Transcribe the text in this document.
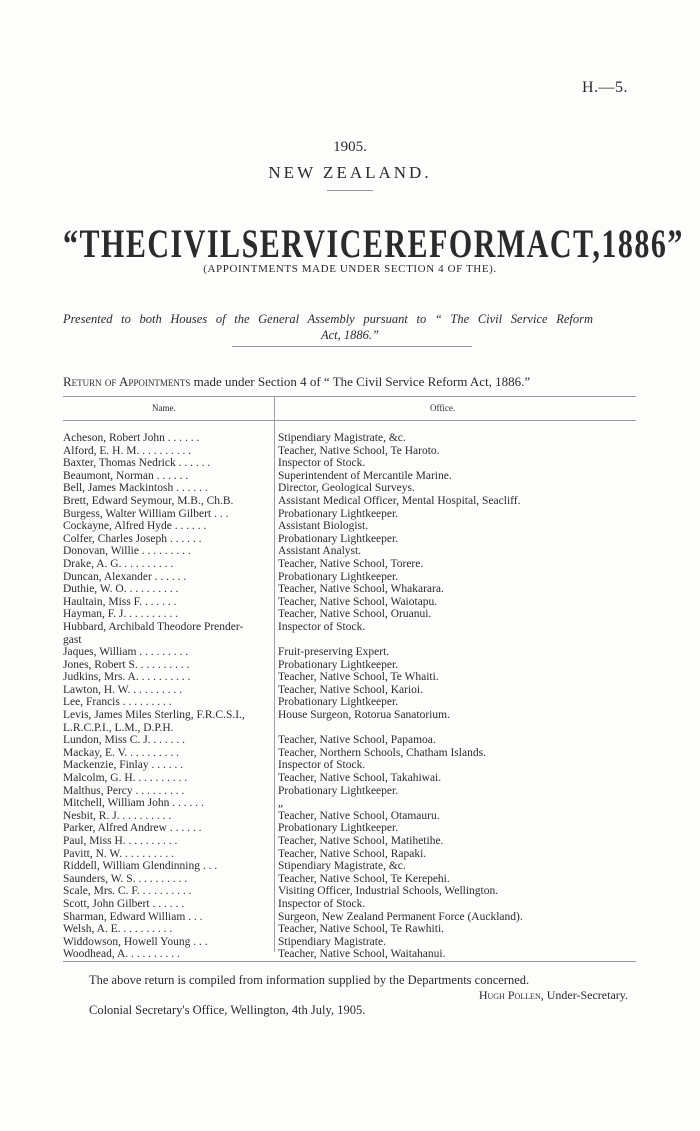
H.—5.
1905.
NEW ZEALAND.
“THE CIVIL SERVICE REFORM ACT, 1886”
(APPOINTMENTS MADE UNDER SECTION 4 OF THE).
Presented to both Houses of the General Assembly pursuant to “ The Civil Service Reform
Act, 1886.”
Return of Appointments made under Section 4 of “ The Civil Service Reform Act, 1886.”
Name.	Office.
Acheson, Robert John . . . . . .	Stipendiary Magistrate, &c.
Alford, E. H. M. . . . . . . . . .	Teacher, Native School, Te Haroto.
Baxter, Thomas Nedrick . . . . . .	Inspector of Stock.
Beaumont, Norman . . . . . .	Superintendent of Mercantile Marine.
Bell, James Mackintosh . . . . . .	Director, Geological Surveys.
Brett, Edward Seymour, M.B., Ch.B.	Assistant Medical Officer, Mental Hospital, Seacliff.
Burgess, Walter William Gilbert . . .	Probationary Lightkeeper.
Cockayne, Alfred Hyde . . . . . .	Assistant Biologist.
Colfer, Charles Joseph . . . . . .	Probationary Lightkeeper.
Donovan, Willie . . . . . . . . .	Assistant Analyst.
Drake, A. G. . . . . . . . . .	Teacher, Native School, Torere.
Duncan, Alexander . . . . . .	Probationary Lightkeeper.
Duthie, W. O. . . . . . . . . .	Teacher, Native School, Whakarara.
Haultain, Miss F. . . . . . .	Teacher, Native School, Waiotapu.
Hayman, F. J. . . . . . . . . .	Teacher, Native School, Oruanui.
Hubbard, Archibald Theodore Prender-	Inspector of Stock.
gast
Jaques, William . . . . . . . . .	Fruit-preserving Expert.
Jones, Robert S. . . . . . . . . .	Probationary Lightkeeper.
Judkins, Mrs. A. . . . . . . . . .	Teacher, Native School, Te Whaiti.
Lawton, H. W. . . . . . . . . .	Teacher, Native School, Karioi.
Lee, Francis . . . . . . . . .	Probationary Lightkeeper.
Levis, James Miles Sterling, F.R.C.S.I.,	House Surgeon, Rotorua Sanatorium.
L.R.C.P.I., L.M., D.P.H.
Lundon, Miss C. J. . . . . . .	Teacher, Native School, Papamoa.
Mackay, E. V. . . . . . . . . .	Teacher, Northern Schools, Chatham Islands.
Mackenzie, Finlay . . . . . .	Inspector of Stock.
Malcolm, G. H. . . . . . . . . .	Teacher, Native School, Takahiwai.
Malthus, Percy . . . . . . . . .	Probationary Lightkeeper.
Mitchell, William John . . . . . .	„
Nesbit, R. J. . . . . . . . . .	Teacher, Native School, Otamauru.
Parker, Alfred Andrew . . . . . .	Probationary Lightkeeper.
Paul, Miss H. . . . . . . . . .	Teacher, Native School, Matihetihe.
Pavitt, N. W. . . . . . . . . .	Teacher, Native School, Rapaki.
Riddell, William Glendinning . . .	Stipendiary Magistrate, &c.
Saunders, W. S. . . . . . . . . .	Teacher, Native School, Te Kerepehi.
Scale, Mrs. C. F. . . . . . . . . .	Visiting Officer, Industrial Schools, Wellington.
Scott, John Gilbert . . . . . .	Inspector of Stock.
Sharman, Edward William . . .	Surgeon, New Zealand Permanent Force (Auckland).
Welsh, A. E. . . . . . . . . .	Teacher, Native School, Te Rawhiti.
Widdowson, Howell Young . . .	Stipendiary Magistrate.
Woodhead, A. . . . . . . . . .	Teacher, Native School, Waitahanui.
The above return is compiled from information supplied by the Departments concerned.
Hugh Pollen, Under-Secretary.
Colonial Secretary's Office, Wellington, 4th July, 1905.
